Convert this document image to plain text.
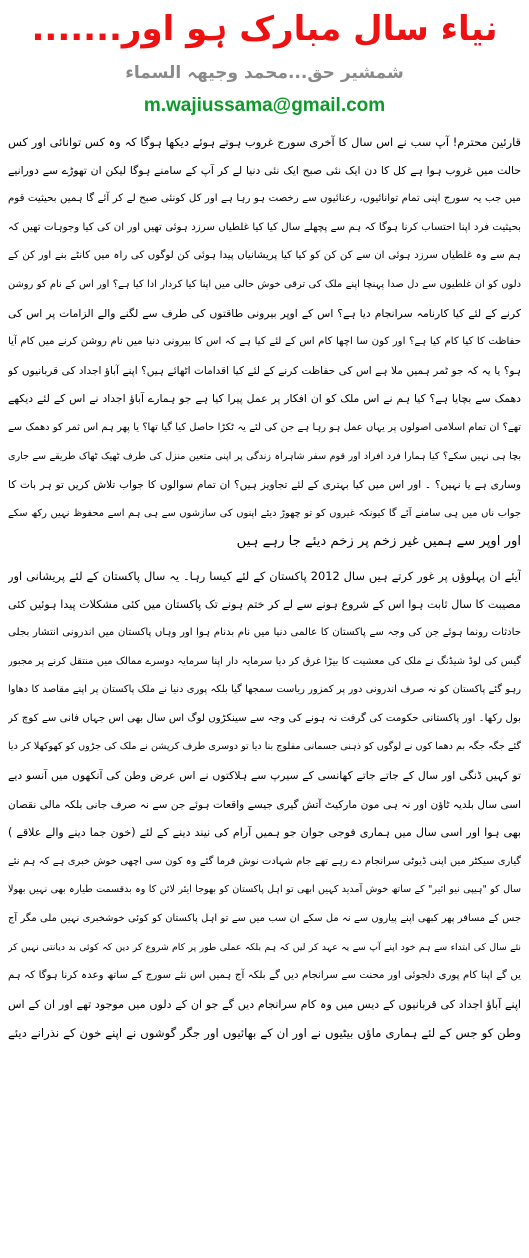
نیاء سال مبارک ہو اور.......
شمشیر حق...محمد وجیھہ السماء
m.wajiussama@gmail.com
قارئین محترم! آپ سب نے اس سال کا آخری سورج غروب ہوتے ہوئے دیکھا ہوگا کہ وہ کس توانائی اور کس
حالت میں غروب ہوا ہے کل کا دن ایک نئی صبح ایک نئی دنیا لے کر آپ کے سامنے ہوگا لیکن ان تھوڑے سے دورانیے
میں جب یہ سورج اپنی تمام توانائیوں، رعنائیوں سے رخصت ہو رہا ہے اور کل کونئی صبح لے کر آئے گا ہمیں بحیثیت قوم
بحیثیت فرد اپنا احتساب کرنا ہوگا کہ ہم سے پچھلے سال کیا کیا غلطیاں سرزد ہوئی تھیں اور ان کی کیا وجوہات تھیں کہ
ہم سے وہ غلطیاں سرزد ہوئی ان سے کن کن کو کیا کیا پریشانیاں پیدا ہوئی کن لوگوں کی راہ میں کانٹے بنے اور کن کے
دلوں کو ان غلطیوں سے دل صدا پہنچا اپنے ملک کی ترقی خوش حالی میں اپنا کیا کردار ادا کیا ہے؟ اور اس کے نام کو روشن
کرنے کے لئے کیا کارنامہ سرانجام دیا ہے؟ اس کے اوپر بیرونی طاقتوں کی طرف سے لگنے والے الزامات پر اس کی
حفاظت کا کیا کام کیا ہے؟ اور کون سا اچھا کام اس کے لئے کیا ہے کہ اس کا بیرونی دنیا میں نام روشن کرنے میں کام آیا
ہو؟ یا یہ کہ جو ٹمر ہمیں ملا ہے اس کی حفاظت کرنے کے لئے کیا اقدامات اٹھائے ہیں؟ اپنے آباؤ اجداد کی قربانیوں کو
دھمک سے بچایا ہے؟ کیا ہم نے اس ملک کو ان افکار پر عمل پیرا کیا ہے جو ہمارے آباؤ اجداد نے اس کے لئے دیکھے
تھے؟ ان تمام اسلامی اصولوں پر یہاں عمل ہو رہا ہے جن کی لئے یہ ٹکڑا حاصل کیا گیا تھا؟ یا پھر ہم اس ثمر کو دھمک سے
بچا ہی نہیں سکے؟ کیا ہمارا فرد افراد اور قوم سفر شاہراہ زندگی پر اپنی متعین منزل کی طرف ٹھیک ٹھاک طریقے سے جاری
وساری ہے یا نہیں؟ ۔ اور اس میں کیا بہتری کے لئے تجاویز ہیں؟ ان تمام سوالوں کا جواب تلاش کریں تو ہر بات کا
جواب ناں میں ہی سامنے آئے گا کیونکہ غیروں کو تو چھوڑ دیئے اپنوں کی سازشوں سے ہی ہم اسے محفوظ نہیں رکھ سکے
اور اوپر سے ہمیں غیر زخم پر زخم دیئے جا رہے ہیں
آیئے ان پہلوؤں پر غور کرتے ہیں سال 2012 پاکستان کے لئے کیسا رہا۔ یہ سال پاکستان کے لئے پریشانی اور
مصیبت کا سال ثابت ہوا اس کے شروع ہونے سے لے کر ختم ہونے تک پاکستان میں کئی مشکلات پیدا ہوئیں کئی
حادثات رونما ہوئے جن کی وجہ سے پاکستان کا عالمی دنیا میں نام بدنام ہوا اور وہاں پاکستان میں اندرونی انتشار بجلی
گیس کی لوڈ شیڈنگ نے ملک کی معشیت کا بیڑا غرق کر دیا سرمایہ دار اپنا سرمایہ دوسرے ممالک میں منتقل کرنے پر مجبور
رہو گئے پاکستان کو نہ صرف اندرونی دور پر کمزور ریاست سمجھا گیا بلکہ پوری دنیا نے ملک پاکستان پر اپنے مقاصد کا دھاوا
بول رکھا۔ اور پاکستانی حکومت کی گرفت نہ ہونے کی وجہ سے سینکڑوں لوگ اس سال بھی اس جہاں فانی سے کوچ کر
گئے جگہ جگہ بم دھما کوں نے لوگوں کو ذہنی جسمانی مفلوج بنا دیا تو دوسری طرف کرپشن نے ملک کی جڑوں کو کھوکھلا کر دیا
تو کہیں ڈنگی اور سال کے جاتے جاتے کھانسی کے سیرپ سے ہلاکتوں نے اس عرض وطن کی آنکھوں میں آنسو دیے
اسی سال بلدیہ ٹاؤن اور نہ ہی مون مارکیٹ آتش گیری جیسے واقعات ہوئے جن سے نہ صرف جانی بلکہ مالی نقصان
بھی ہوا اور اسی سال میں ہماری فوجی جوان جو ہمیں آرام کی نیند دینے کے لئے (خون جما دینے والے علاقے )
گیاری سیکٹر میں اپنی ڈیوٹی سرانجام دے رہے تھے جام شہادت نوش فرما گئے وہ کون سی اچھی خوش خبری ہے کہ ہم نئے
سال کو "ہیپی نیو ائیر" کے ساتھ خوش آمدید کہیں ابھی تو اہل پاکستان کو بھوجا ایئر لائن کا وہ بدقسمت طیارہ بھی نہیں بھولا
جس کے مسافر پھر کبھی اپنے پیاروں سے نہ مل سکے ان سب میں سے تو اہل پاکستان کو کوئی خوشخبری نہیں ملی مگر آج
نئے سال کی ابتداء سے ہم خود اپنے آپ سے یہ عہد کر لیں کہ ہم بلکہ عملی طور پر کام شروع کر دیں کہ کوئی بد دیانتی نہیں کر
یں گے اپنا کام پوری دلجوئی اور محنت سے سرانجام دیں گے بلکہ آج ہمیں اس نئے سورج کے ساتھ وعدہ کرنا ہوگا کہ ہم
اپنے آباؤ اجداد کی قربانیوں کے دیس میں وہ کام سرانجام دیں گے جو ان کے دلوں میں موجود تھے اور ان کے اس
وطن کو جس کے لئے ہماری ماؤں بیٹیوں نے اور ان کے بھائیوں اور جگر گوشوں نے اپنے خون کے نذرانے دیئے
